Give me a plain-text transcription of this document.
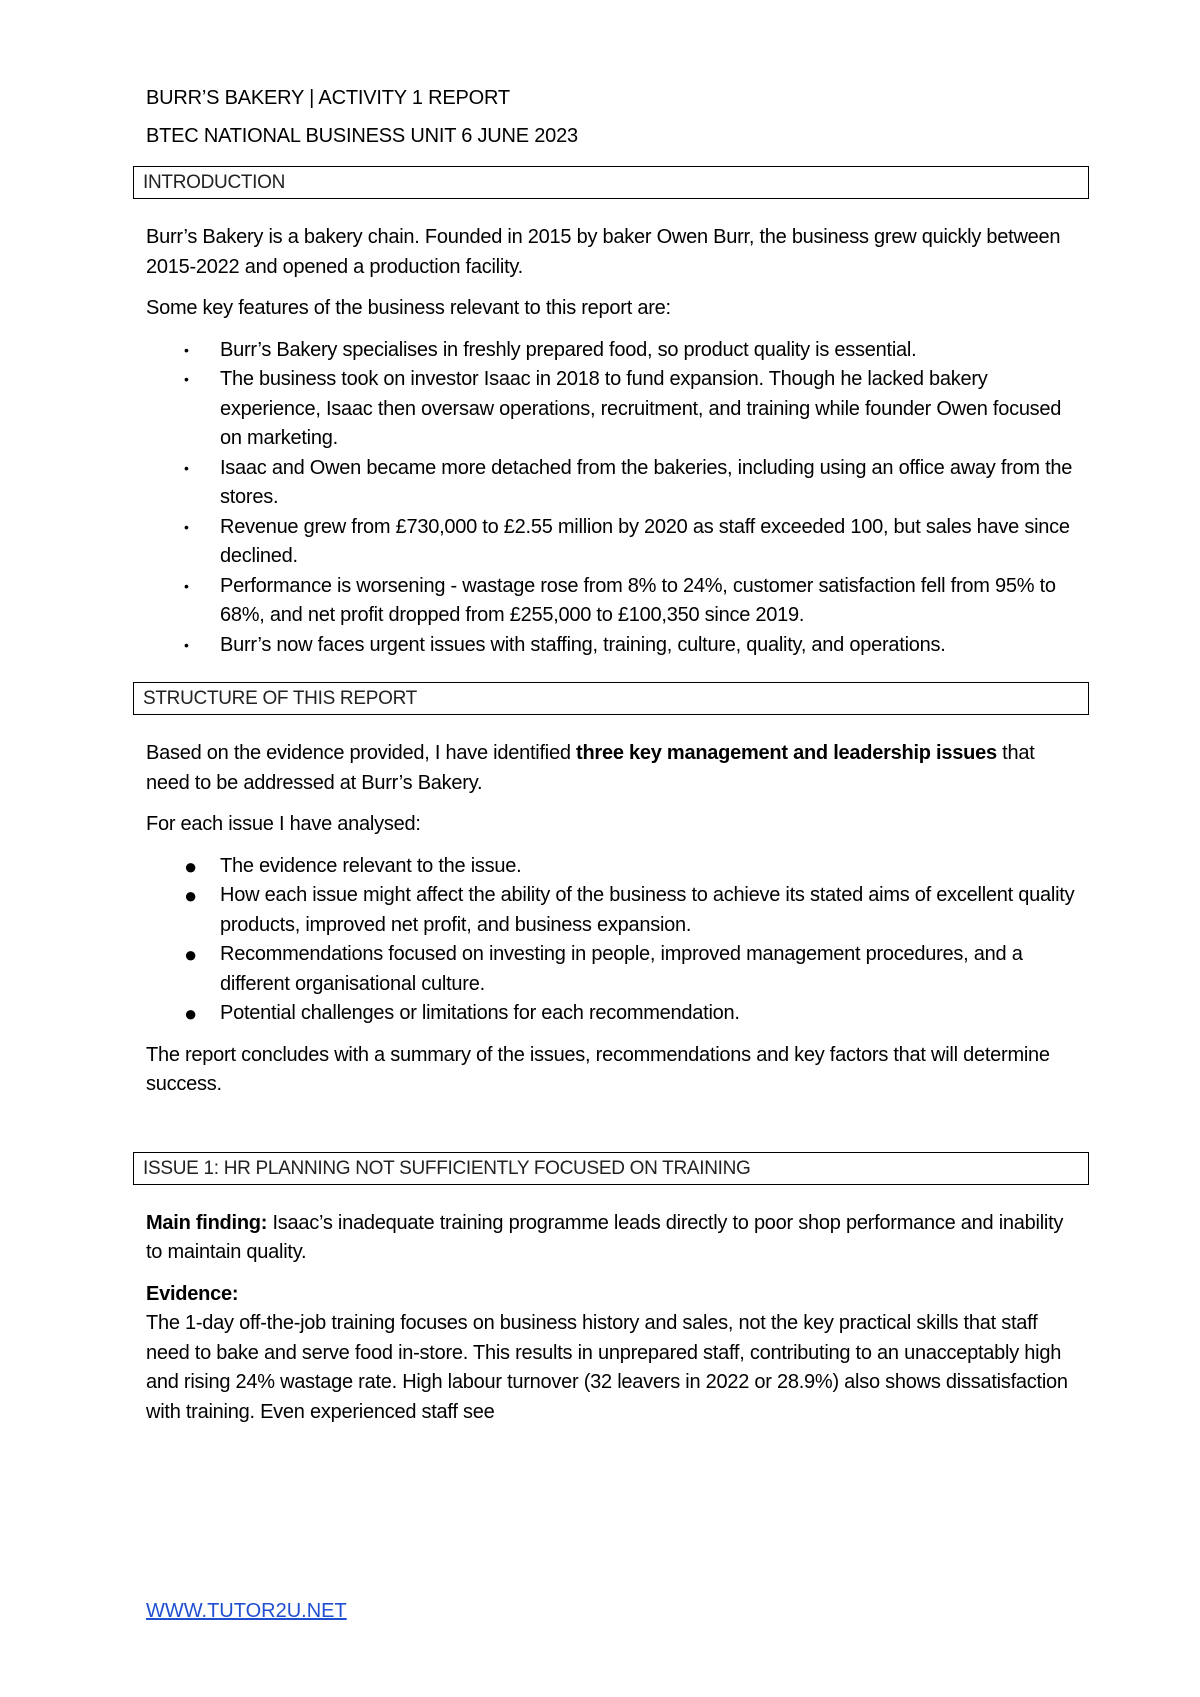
BURR’S BAKERY | ACTIVITY 1 REPORT
BTEC NATIONAL BUSINESS UNIT 6 JUNE 2023
INTRODUCTION

Burr’s Bakery is a bakery chain. Founded in 2015 by baker Owen Burr, the business grew quickly between 2015-2022 and opened a production facility.

Some key features of the business relevant to this report are:

• Burr’s Bakery specialises in freshly prepared food, so product quality is essential.
• The business took on investor Isaac in 2018 to fund expansion. Though he lacked bakery experience, Isaac then oversaw operations, recruitment, and training while founder Owen focused on marketing.
• Isaac and Owen became more detached from the bakeries, including using an office away from the stores.
• Revenue grew from £730,000 to £2.55 million by 2020 as staff exceeded 100, but sales have since declined.
• Performance is worsening - wastage rose from 8% to 24%, customer satisfaction fell from 95% to 68%, and net profit dropped from £255,000 to £100,350 since 2019.
• Burr’s now faces urgent issues with staffing, training, culture, quality, and operations.
STRUCTURE OF THIS REPORT

Based on the evidence provided, I have identified three key management and leadership issues that need to be addressed at Burr’s Bakery.

For each issue I have analysed:

● The evidence relevant to the issue.
● How each issue might affect the ability of the business to achieve its stated aims of excellent quality products, improved net profit, and business expansion.
● Recommendations focused on investing in people, improved management procedures, and a different organisational culture.
● Potential challenges or limitations for each recommendation.

The report concludes with a summary of the issues, recommendations and key factors that will determine success.

ISSUE 1: HR PLANNING NOT SUFFICIENTLY FOCUSED ON TRAINING

Main finding: Isaac’s inadequate training programme leads directly to poor shop performance and inability to maintain quality.

Evidence:

The 1-day off-the-job training focuses on business history and sales, not the key practical skills that staff need to bake and serve food in-store. This results in unprepared staff, contributing to an unacceptably high and rising 24% wastage rate. High labour turnover (32 leavers in 2022 or 28.9%) also shows dissatisfaction with training. Even experienced staff see

WWW.TUTOR2U.NET
